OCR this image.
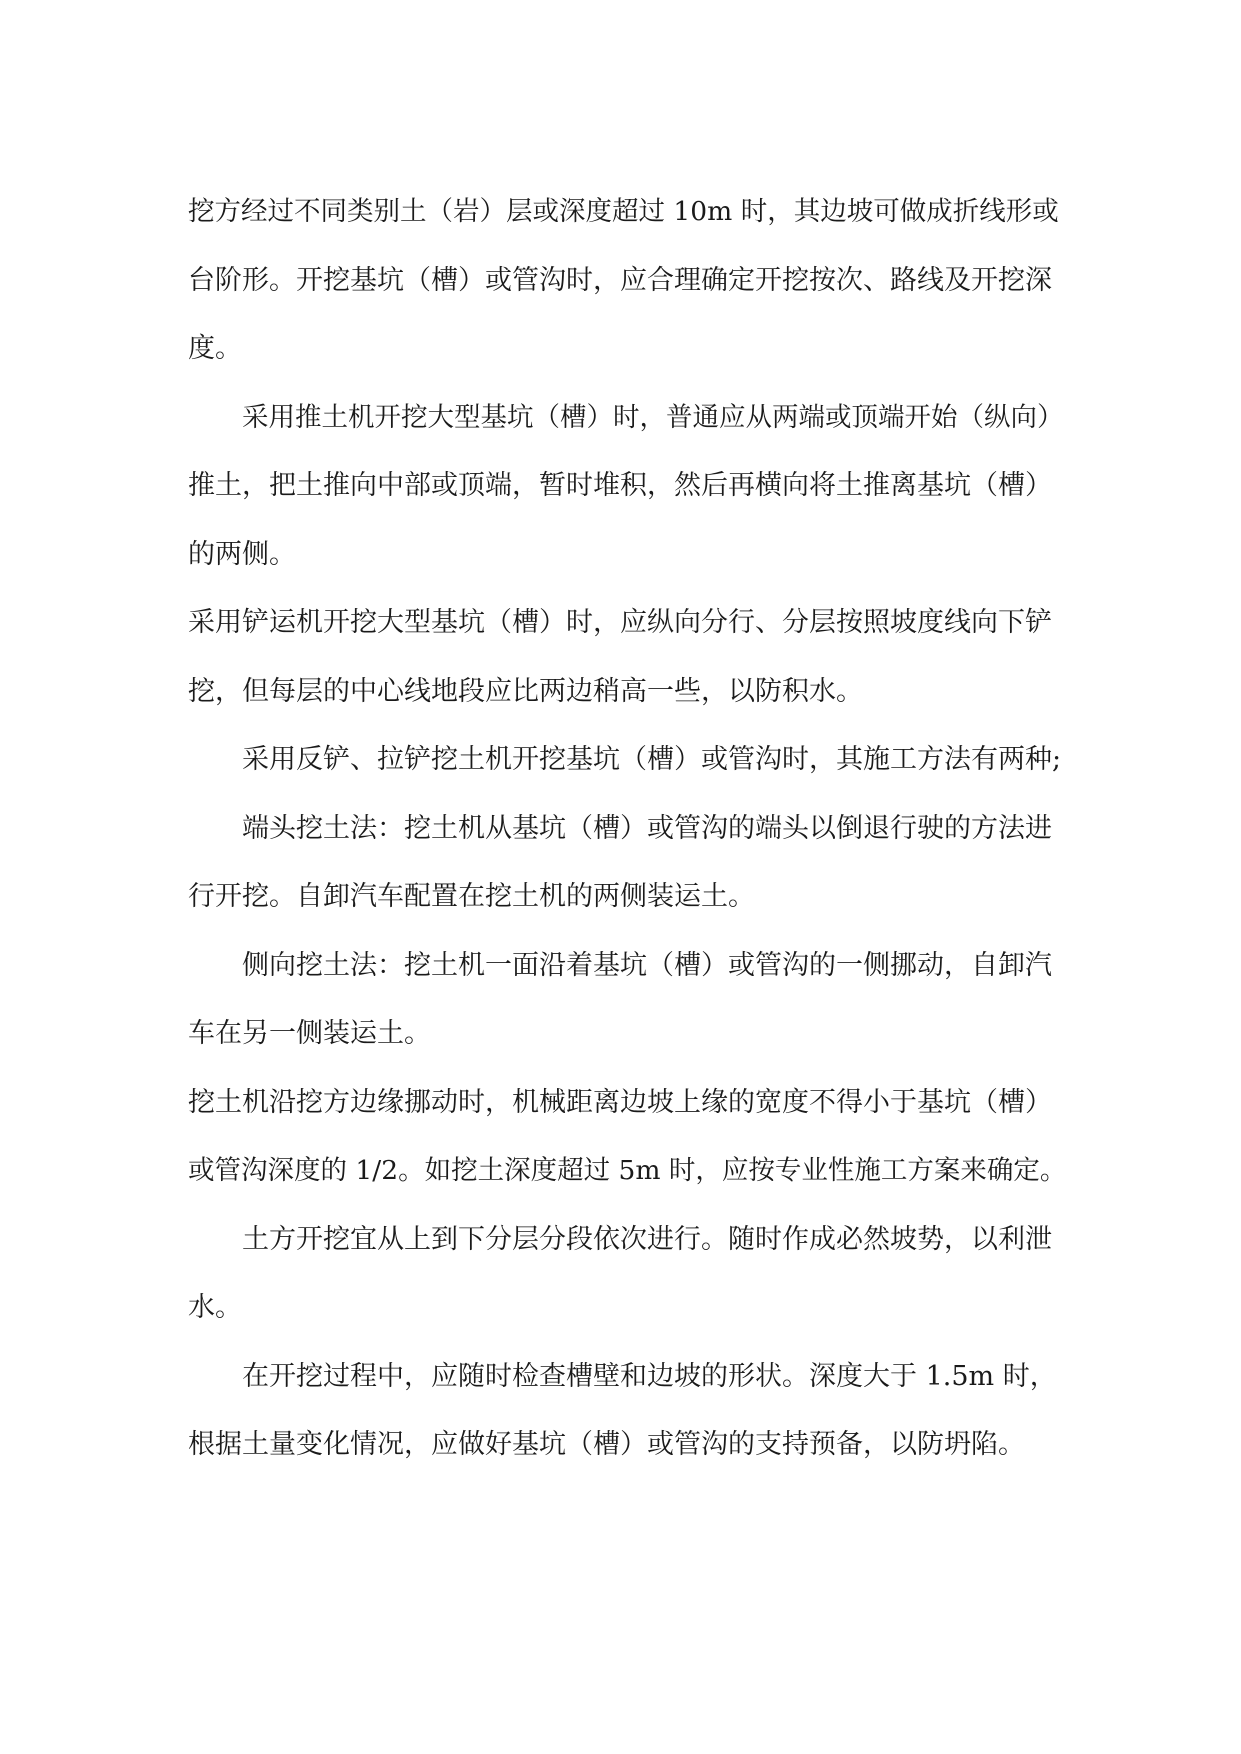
挖方经过不同类别土（岩）层或深度超过 10m 时，其边坡可做成折线形或
台阶形。开挖基坑（槽）或管沟时，应合理确定开挖按次、路线及开挖深
度。
采用推土机开挖大型基坑（槽）时，普通应从两端或顶端开始（纵向）
推土，把土推向中部或顶端，暂时堆积，然后再横向将土推离基坑（槽）
的两侧。
采用铲运机开挖大型基坑（槽）时，应纵向分行、分层按照坡度线向下铲
挖，但每层的中心线地段应比两边稍高一些，以防积水。
采用反铲、拉铲挖土机开挖基坑（槽）或管沟时，其施工方法有两种;
端头挖土法：挖土机从基坑（槽）或管沟的端头以倒退行驶的方法进
行开挖。自卸汽车配置在挖土机的两侧装运土。
侧向挖土法：挖土机一面沿着基坑（槽）或管沟的一侧挪动，自卸汽
车在另一侧装运土。
挖土机沿挖方边缘挪动时，机械距离边坡上缘的宽度不得小于基坑（槽）
或管沟深度的 1/2。如挖土深度超过 5m 时，应按专业性施工方案来确定。
土方开挖宜从上到下分层分段依次进行。随时作成必然坡势，以利泄
水。
在开挖过程中，应随时检查槽壁和边坡的形状。深度大于 1.5m 时，
根据土量变化情况，应做好基坑（槽）或管沟的支持预备，以防坍陷。
